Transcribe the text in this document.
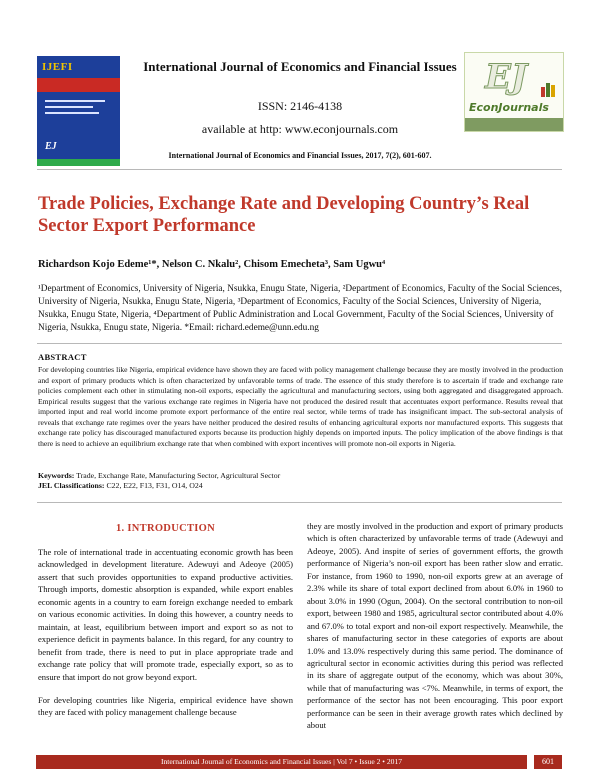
IJEFI
EJ
International Journal of Economics and Financial Issues
ISSN: 2146-4138
available at http: www.econjournals.com
International Journal of Economics and Financial Issues, 2017, 7(2), 601-607.
EJ
EconJournals
Trade Policies, Exchange Rate and Developing Country’s Real Sector Export Performance
Richardson Kojo Edeme¹*, Nelson C. Nkalu², Chisom Emecheta³, Sam Ugwu⁴
¹Department of Economics, University of Nigeria, Nsukka, Enugu State, Nigeria, ²Department of Economics, Faculty of the Social Sciences, University of Nigeria, Nsukka, Enugu State, Nigeria, ³Department of Economics, Faculty of the Social Sciences, University of Nigeria, Nsukka, Enugu State, Nigeria, ⁴Department of Public Administration and Local Government, Faculty of the Social Sciences, University of Nigeria, Nsukka, Enugu state, Nigeria. *Email: richard.edeme@unn.edu.ng
ABSTRACT
For developing countries like Nigeria, empirical evidence have shown they are faced with policy management challenge because they are mostly involved in the production and export of primary products which is often characterized by unfavorable terms of trade. The essence of this study therefore is to ascertain if trade and exchange rate policies complement each other in stimulating non-oil exports, especially the agricultural and manufacturing sectors, using both aggregated and disaggregated approach. Empirical results suggest that the various exchange rate regimes in Nigeria have not produced the desired result that accentuates export performance. Results reveal that imported input and real world income promote export performance of the entire real sector, while terms of trade has insignificant impact. The sub-sectoral analysis of reveals that exchange rate regimes over the years have neither produced the desired results of enhancing agricultural exports nor manufactured exports. This suggests that exchange rate policy has discouraged manufactured exports because its production highly depends on imported inputs. The policy implication of the above findings is that there is need to achieve an equilibrium exchange rate that when combined with export incentives will promote non-oil exports in Nigeria.
Keywords: Trade, Exchange Rate, Manufacturing Sector, Agricultural Sector
JEL Classifications: C22, E22, F13, F31, O14, O24
1. INTRODUCTION

The role of international trade in accentuating economic growth has been acknowledged in development literature. Adewuyi and Adeoye (2005) assert that such provides opportunities to expand productive activities. Through imports, domestic absorption is expanded, while export enables economic agents in a country to earn foreign exchange needed to embark on various economic activities. In doing this however, a country needs to maintain, at least, equilibrium between import and export so as not to experience deficit in payments balance. In this regard, for any country to benefit from trade, there is need to put in place appropriate trade and exchange rate policy that will promote trade, especially export, so as to ensure that import do not grow beyond export.

For developing countries like Nigeria, empirical evidence have shown they are faced with policy management challenge because

they are mostly involved in the production and export of primary products which is often characterized by unfavorable terms of trade (Adewuyi and Adeoye, 2005). And inspite of series of government efforts, the growth performance of Nigeria’s non-oil export has been rather slow and erratic. For instance, from 1960 to 1990, non-oil exports grew at an average of 2.3% while its share of total export declined from about 6.0% in 1960 to about 3.0% in 1990 (Ogun, 2004). On the sectoral contribution to non-oil export, between 1980 and 1985, agricultural sector contributed about 4.0% and 67.0% to total export and non-oil export respectively. Meanwhile, the shares of manufacturing sector in these categories of exports are about 1.0% and 13.0% respectively during this same period. The dominance of agricultural sector in economic activities during this period was reflected in its share of aggregate output of the economy, which was about 30%, while that of manufacturing was <7%. Meanwhile, in terms of export, the performance of the sector has not been encouraging. This poor export performance can be seen in their average growth rates which declined by about

International Journal of Economics and Financial Issues | Vol 7 • Issue 2 • 2017	601
